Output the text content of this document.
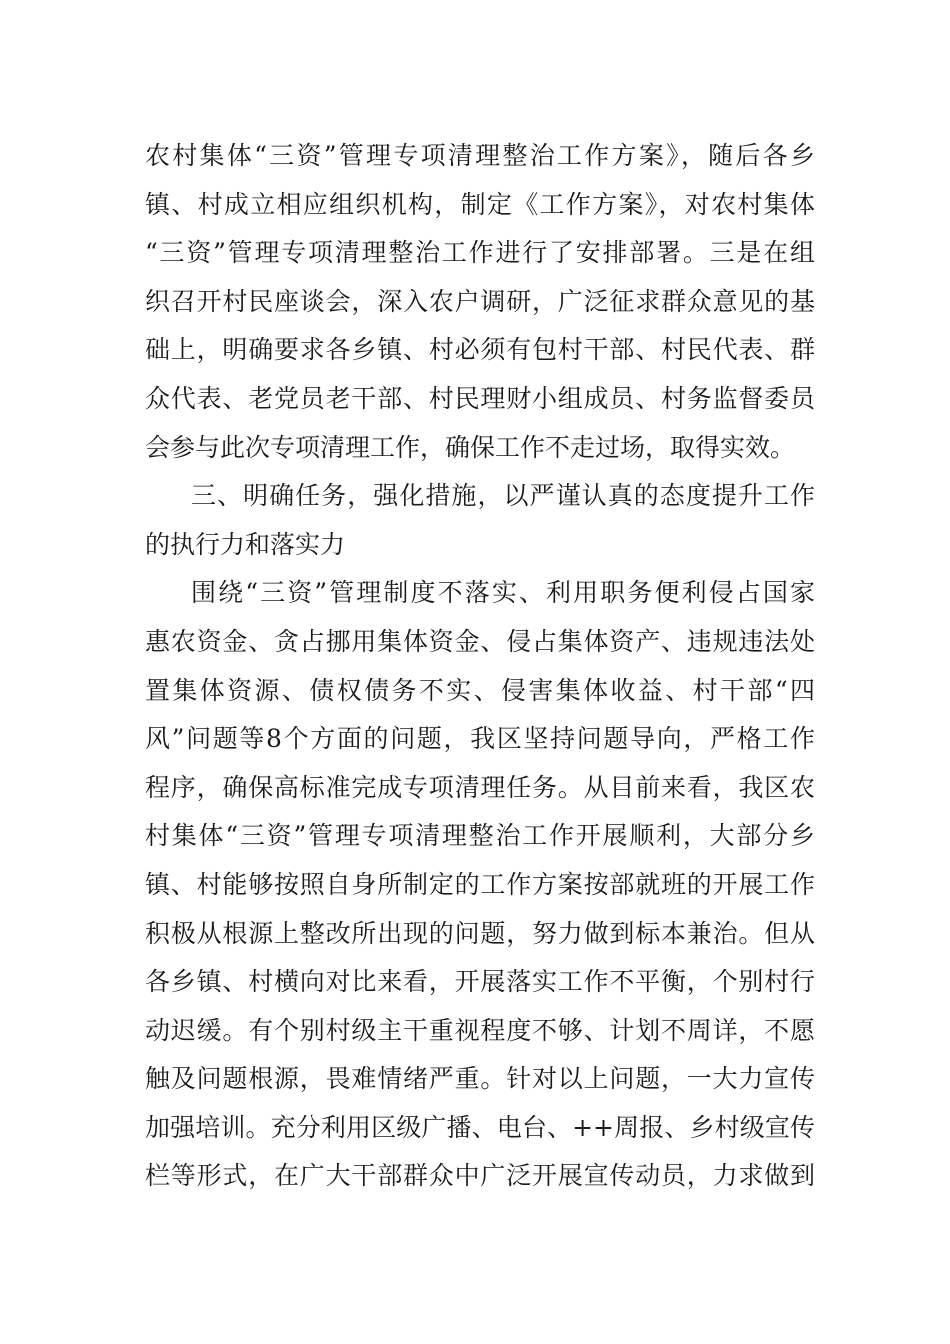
农村集体“三资”管理专项清理整治工作方案》，随后各乡
镇、村成立相应组织机构，制定《工作方案》，对农村集体
“三资”管理专项清理整治工作进行了安排部署。三是在组
织召开村民座谈会，深入农户调研，广泛征求群众意见的基
础上，明确要求各乡镇、村必须有包村干部、村民代表、群
众代表、老党员老干部、村民理财小组成员、村务监督委员
会参与此次专项清理工作，确保工作不走过场，取得实效。
三、明确任务，强化措施，以严谨认真的态度提升工作
的执行力和落实力
围绕“三资”管理制度不落实、利用职务便利侵占国家
惠农资金、贪占挪用集体资金、侵占集体资产、违规违法处
置集体资源、债权债务不实、侵害集体收益、村干部“四
风”问题等8个方面的问题，我区坚持问题导向，严格工作
程序，确保高标准完成专项清理任务。从目前来看，我区农
村集体“三资”管理专项清理整治工作开展顺利，大部分乡
镇、村能够按照自身所制定的工作方案按部就班的开展工作
积极从根源上整改所出现的问题，努力做到标本兼治。但从
各乡镇、村横向对比来看，开展落实工作不平衡，个别村行
动迟缓。有个别村级主干重视程度不够、计划不周详，不愿
触及问题根源，畏难情绪严重。针对以上问题，一大力宣传
加强培训。充分利用区级广播、电台、++周报、乡村级宣传
栏等形式，在广大干部群众中广泛开展宣传动员，力求做到
